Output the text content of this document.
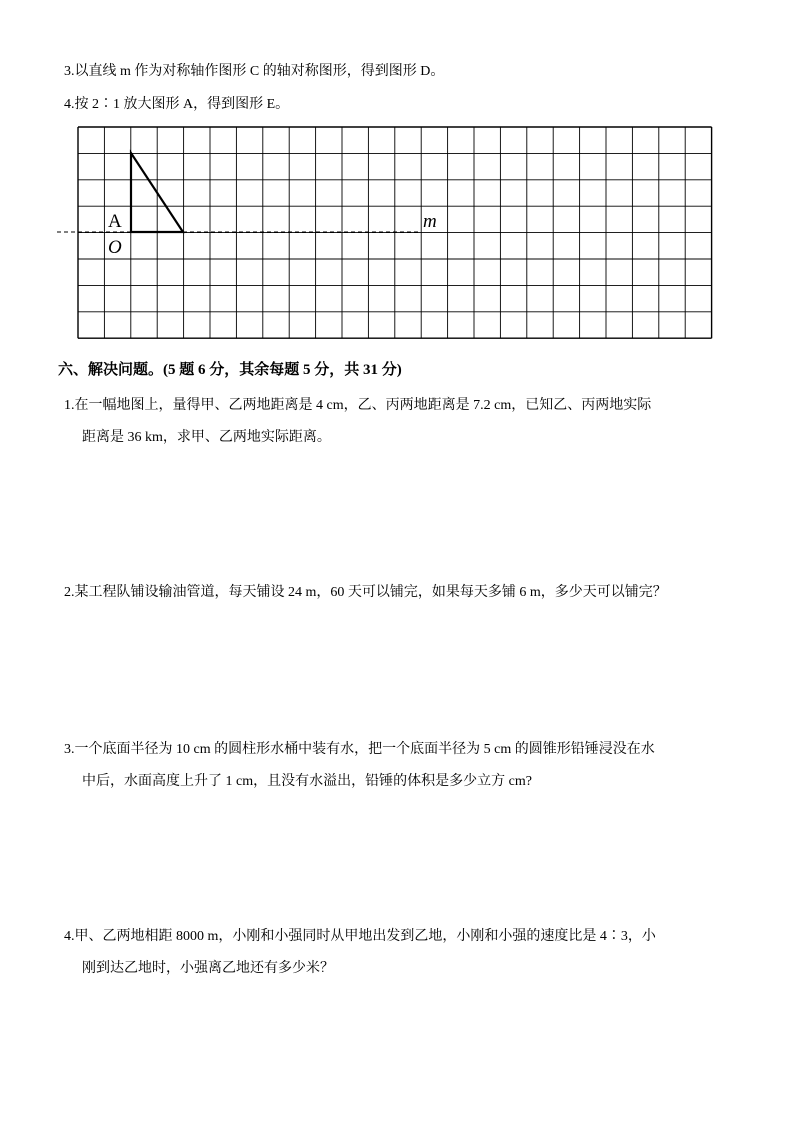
3.以直线 m 作为对称轴作图形 C 的轴对称图形，得到图形 D。
4.按 2∶1 放大图形 A，得到图形 E。
A
O
m
六、解决问题。(5 题 6 分，其余每题 5 分，共 31 分)
1.在一幅地图上，量得甲、乙两地距离是 4 cm，乙、丙两地距离是 7.2 cm，已知乙、丙两地实际
距离是 36 km，求甲、乙两地实际距离。
2.某工程队铺设输油管道，每天铺设 24 m，60 天可以铺完，如果每天多铺 6 m，多少天可以铺完？
3.一个底面半径为 10 cm 的圆柱形水桶中装有水，把一个底面半径为 5 cm 的圆锥形铅锤浸没在水
中后，水面高度上升了 1 cm，且没有水溢出，铅锤的体积是多少立方 cm?
4.甲、乙两地相距 8000 m，小刚和小强同时从甲地出发到乙地，小刚和小强的速度比是 4∶3，小
刚到达乙地时，小强离乙地还有多少米？
